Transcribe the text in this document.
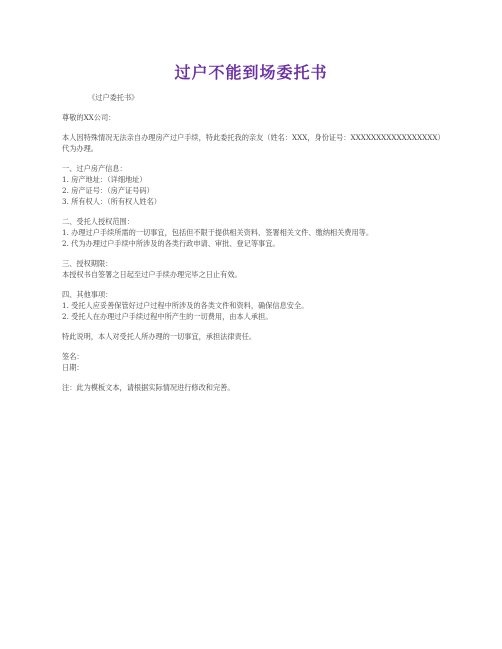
过户不能到场委托书
《过户委托书》
尊敬的XX公司：
本人因特殊情况无法亲自办理房产过户手续，特此委托我的亲友（姓名：XXX，身份证号：XXXXXXXXXXXXXXXXX）代为办理。
一、过户房产信息：
1. 房产地址：（详细地址）
2. 房产证号：（房产证号码）
3. 所有权人：（所有权人姓名）
二、受托人授权范围：
1. 办理过户手续所需的一切事宜，包括但不限于提供相关资料、签署相关文件、缴纳相关费用等。
2. 代为办理过户手续中所涉及的各类行政申请、审批、登记等事宜。
三、授权期限：
本授权书自签署之日起至过户手续办理完毕之日止有效。
四、其他事项：
1. 受托人应妥善保管好过户过程中所涉及的各类文件和资料，确保信息安全。
2. 受托人在办理过户手续过程中所产生的一切费用，由本人承担。
特此说明，本人对受托人所办理的一切事宜，承担法律责任。
签名：
日期：
注：此为模板文本，请根据实际情况进行修改和完善。
